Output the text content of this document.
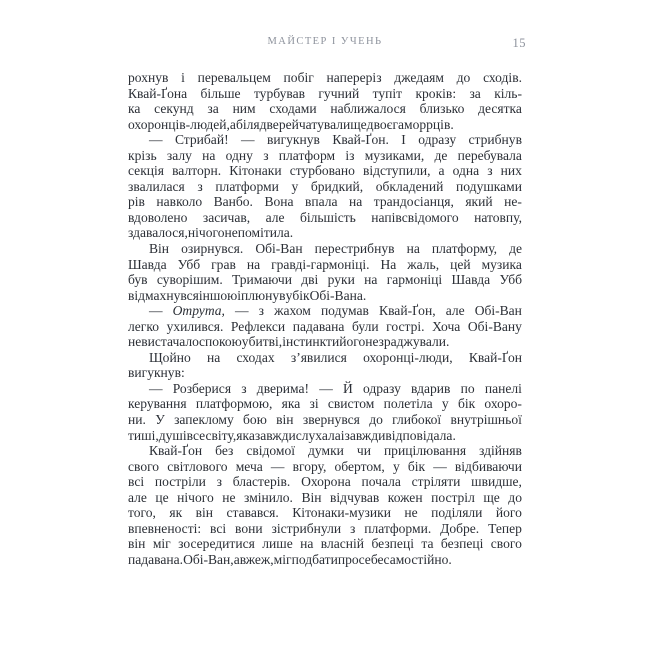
МАЙСТЕР І УЧЕНЬ	15

рохнув і перевальцем побіг наперeріз джедаям до сходів.
Квай-Ґона більше турбував гучний тупіт кроків: за кіль-
ка секунд за ним сходами наближалося близько десятка
охоронців-людей, а біля дверей чатували ще двоє гаморрців.

— Стрибай! — вигукнув Квай-Ґон. І одразу стрибнув
крізь залу на одну з платформ із музиками, де перебувала
секція валторн. Кітонаки стурбовано відступили, а одна з них
звалилася з платформи у бридкий, обкладений подушками
рів навколо Ванбо. Вона впала на трандосіанця, який не-
вдоволено засичав, але більшість напівсвідомого натовпу,
здавалося, нічого не помітила.

Він озирнувся. Обі-Ван перестрибнув на платформу, де
Шавда Убб грав на гравді-гармоніці. На жаль, цей музика
був суворішим. Тримаючи дві руки на гармоніці Шавда Убб
відмахнувся іншою і плюнув у бік Обі-Вана.

— Отрута, — з жахом подумав Квай-Ґон, але Обі-Ван
легко ухилився. Рефлекси падавана були гострі. Хоча Обі-Вану
не вистачало спокою у битві, інстинкти його не зраджували.

Щойно на сходах з’явилися охоронці-люди, Квай-Ґон
вигукнув:

— Розберися з дверима! — Й одразу вдарив по панелі
керування платформою, яка зі свистом полетіла у бік охоро-
ни. У запеклому бою він звернувся до глибокої внутрішньої
тиші, душі всесвіту, яка завжди слухала і завжди відповідала.

Квай-Ґон без свідомої думки чи прицілювання здійняв
свого світлового меча — вгору, обертом, у бік — відбиваючи
всі постріли з бластерів. Охорона почала стріляти швидше,
але це нічого не змінило. Він відчував кожен постріл ще до
того, як він ставався. Кітонаки-музики не поділяли його
впевненості: всі вони зістрибнули з платформи. Добре. Тепер
він міг зосередитися лише на власній безпеці та безпеці свого
падавана. Обі-Ван, авжеж, міг подбати про себе самостійно.
